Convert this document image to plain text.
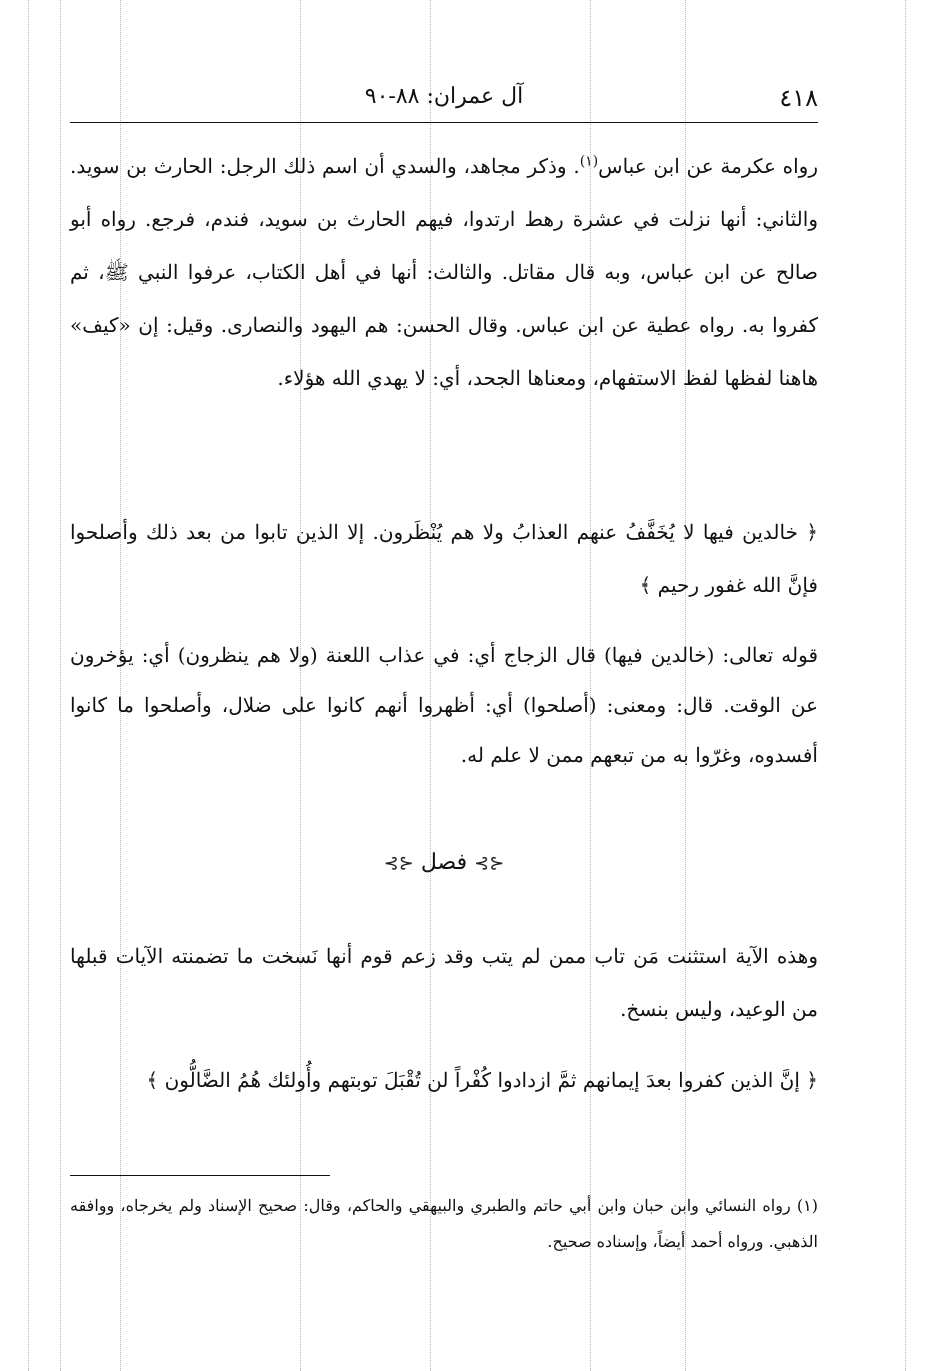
٤١٨
آل عمران: ٨٨-٩٠
رواه عكرمة عن ابن عباس$^{(١)}$. وذكر مجاهد، والسدي أن اسم ذلك الرجل: الحارث بن سويد. والثاني: أنها نزلت في عشرة رهط ارتدوا، فيهم الحارث بن سويد، فندم، فرجع. رواه أبو صالح عن ابن عباس، وبه قال مقاتل. والثالث: أنها في أهل الكتاب، عرفوا النبي ﷺ، ثم كفروا به. رواه عطية عن ابن عباس. وقال الحسن: هم اليهود والنصارى. وقيل: إن «كيف» هاهنا لفظها لفظ الاستفهام، ومعناها الجحد، أي: لا يهدي الله هؤلاء.
﴿ خالدين فيها لا يُخَفَّفُ عنهم العذابُ ولا هم يُنْظَرون. إلا الذين تابوا من بعد ذلك وأصلحوا فإنَّ الله غفور رحيم ﴾
قوله تعالى: (خالدين فيها) قال الزجاج أي: في عذاب اللعنة (ولا هم ينظرون) أي: يؤخرون عن الوقت. قال: ومعنى: (أصلحوا) أي: أظهروا أنهم كانوا على ضلال، وأصلحوا ما كانوا أفسدوه، وغرّوا به من تبعهم ممن لا علم له.
⊰⊱ فصل ⊰⊱
وهذه الآية استثنت مَن تاب ممن لم يتب وقد زعم قوم أنها نَسخت ما تضمنته الآيات قبلها من الوعيد، وليس بنسخ.
﴿ إنَّ الذين كفروا بعدَ إيمانهم ثمَّ ازدادوا كُفْراً لن تُقْبَلَ توبتهم وأُولئك هُمُ الضَّالُّون ﴾
(١) رواه النسائي وابن حبان وابن أبي حاتم والطبري والبيهقي والحاكم، وقال: صحيح الإسناد ولم يخرجاه، ووافقه الذهبي. ورواه أحمد أيضاً، وإسناده صحيح.
